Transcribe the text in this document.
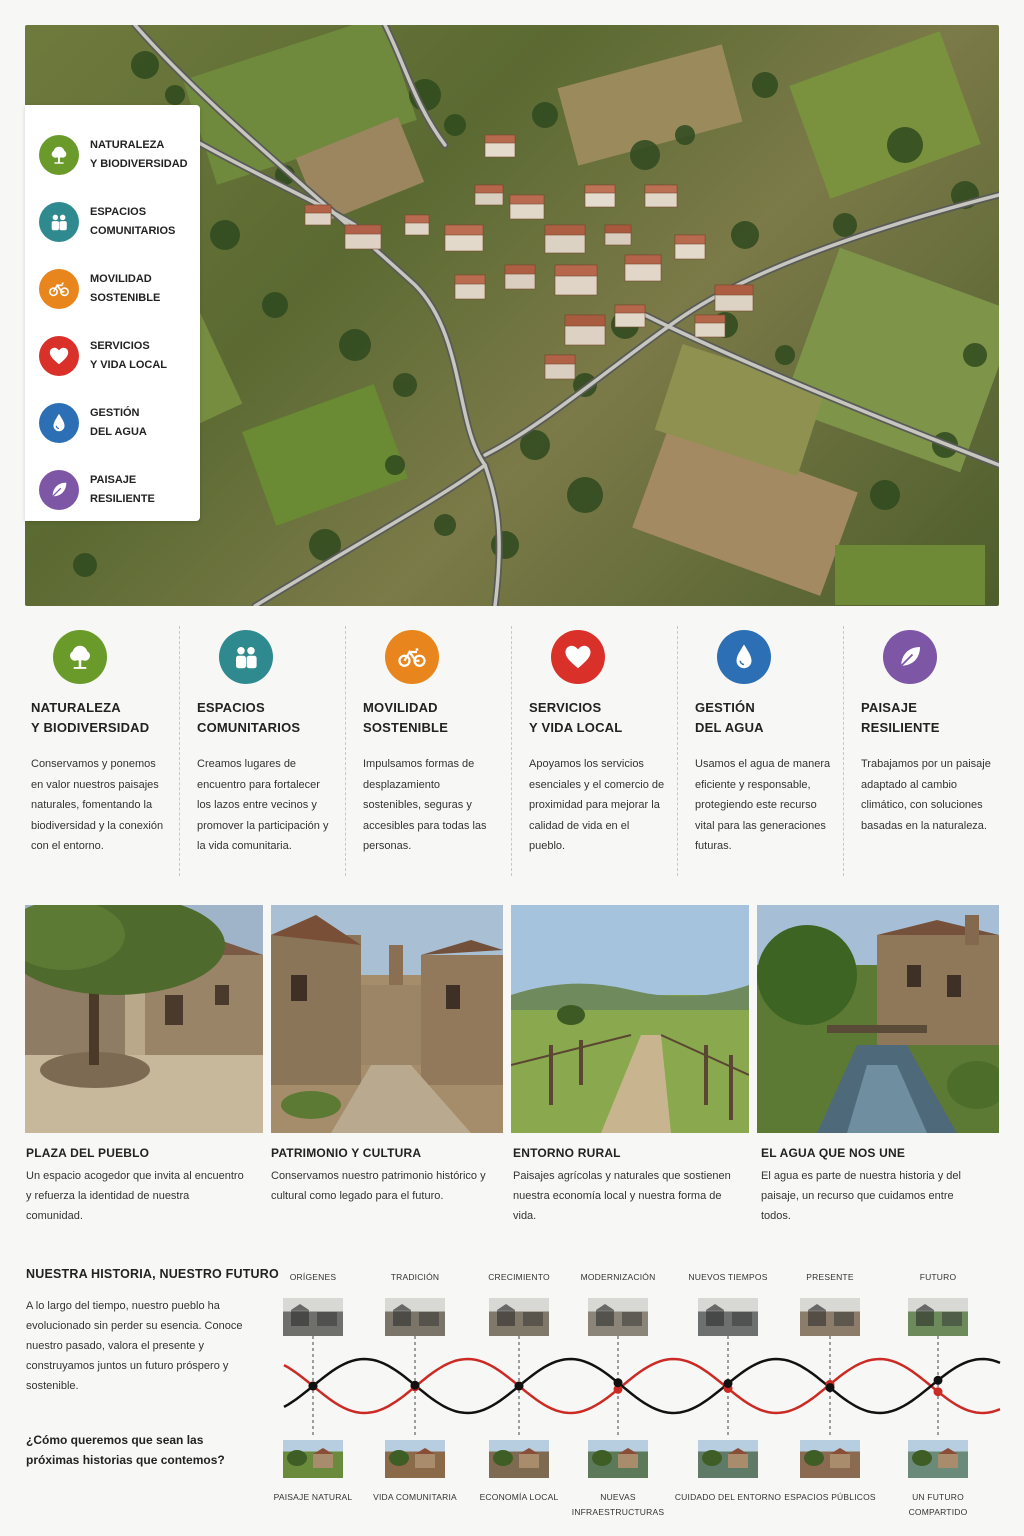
NATURALEZA
Y BIODIVERSIDAD
ESPACIOS
COMUNITARIOS
MOVILIDAD
SOSTENIBLE
SERVICIOS
Y VIDA LOCAL
GESTIÓN
DEL AGUA
PAISAJE
RESILIENTE
NATURALEZA
Y BIODIVERSIDAD
Conservamos y ponemos en valor nuestros paisajes naturales, fomentando la biodiversidad y la conexión con el entorno.
ESPACIOS
COMUNITARIOS
Creamos lugares de encuentro para fortalecer los lazos entre vecinos y promover la participación y la vida comunitaria.
MOVILIDAD
SOSTENIBLE
Impulsamos formas de desplazamiento sostenibles, seguras y accesibles para todas las personas.
SERVICIOS
Y VIDA LOCAL
Apoyamos los servicios esenciales y el comercio de proximidad para mejorar la calidad de vida en el pueblo.
GESTIÓN
DEL AGUA
Usamos el agua de manera eficiente y responsable, protegiendo este recurso vital para las generaciones futuras.
PAISAJE
RESILIENTE
Trabajamos por un paisaje adaptado al cambio climático, con soluciones basadas en la naturaleza.
PLAZA DEL PUEBLO
Un espacio acogedor que invita al encuentro y refuerza la identidad de nuestra comunidad.
PATRIMONIO Y CULTURA
Conservamos nuestro patrimonio histórico y cultural como legado para el futuro.
ENTORNO RURAL
Paisajes agrícolas y naturales que sostienen nuestra economía local y nuestra forma de vida.
EL AGUA QUE NOS UNE
El agua es parte de nuestra historia y del paisaje, un recurso que cuidamos entre todos.
NUESTRA HISTORIA, NUESTRO FUTURO
A lo largo del tiempo, nuestro pueblo ha evolucionado sin perder su esencia. Conoce nuestro pasado, valora el presente y construyamos juntos un futuro próspero y sostenible.
¿Cómo queremos que sean las próximas historias que contemos?
ORÍGENES
PAISAJE NATURAL
TRADICIÓN
VIDA COMUNITARIA
CRECIMIENTO
ECONOMÍA LOCAL
MODERNIZACIÓN
NUEVAS INFRAESTRUCTURAS
NUEVOS TIEMPOS
CUIDADO DEL ENTORNO
PRESENTE
ESPACIOS PÚBLICOS
FUTURO
UN FUTURO COMPARTIDO
